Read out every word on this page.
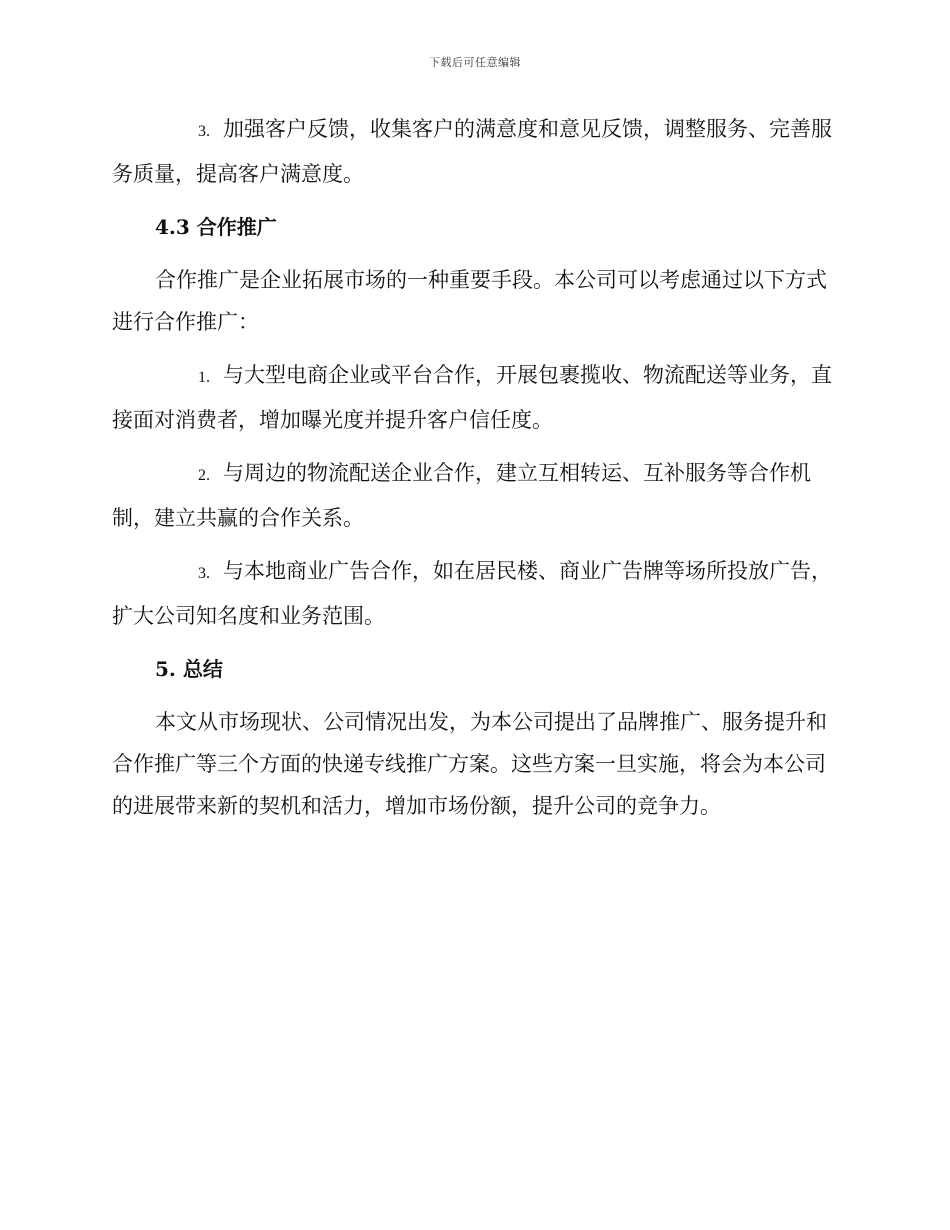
下载后可任意编辑

3. 加强客户反馈，收集客户的满意度和意见反馈，调整服务、完善服务质量，提高客户满意度。

4.3 合作推广

合作推广是企业拓展市场的一种重要手段。本公司可以考虑通过以下方式进行合作推广：

1. 与大型电商企业或平台合作，开展包裹揽收、物流配送等业务，直接面对消费者，增加曝光度并提升客户信任度。

2. 与周边的物流配送企业合作，建立互相转运、互补服务等合作机制，建立共赢的合作关系。

3. 与本地商业广告合作，如在居民楼、商业广告牌等场所投放广告，扩大公司知名度和业务范围。

5. 总结

本文从市场现状、公司情况出发，为本公司提出了品牌推广、服务提升和合作推广等三个方面的快递专线推广方案。这些方案一旦实施，将会为本公司的进展带来新的契机和活力，增加市场份额，提升公司的竞争力。
